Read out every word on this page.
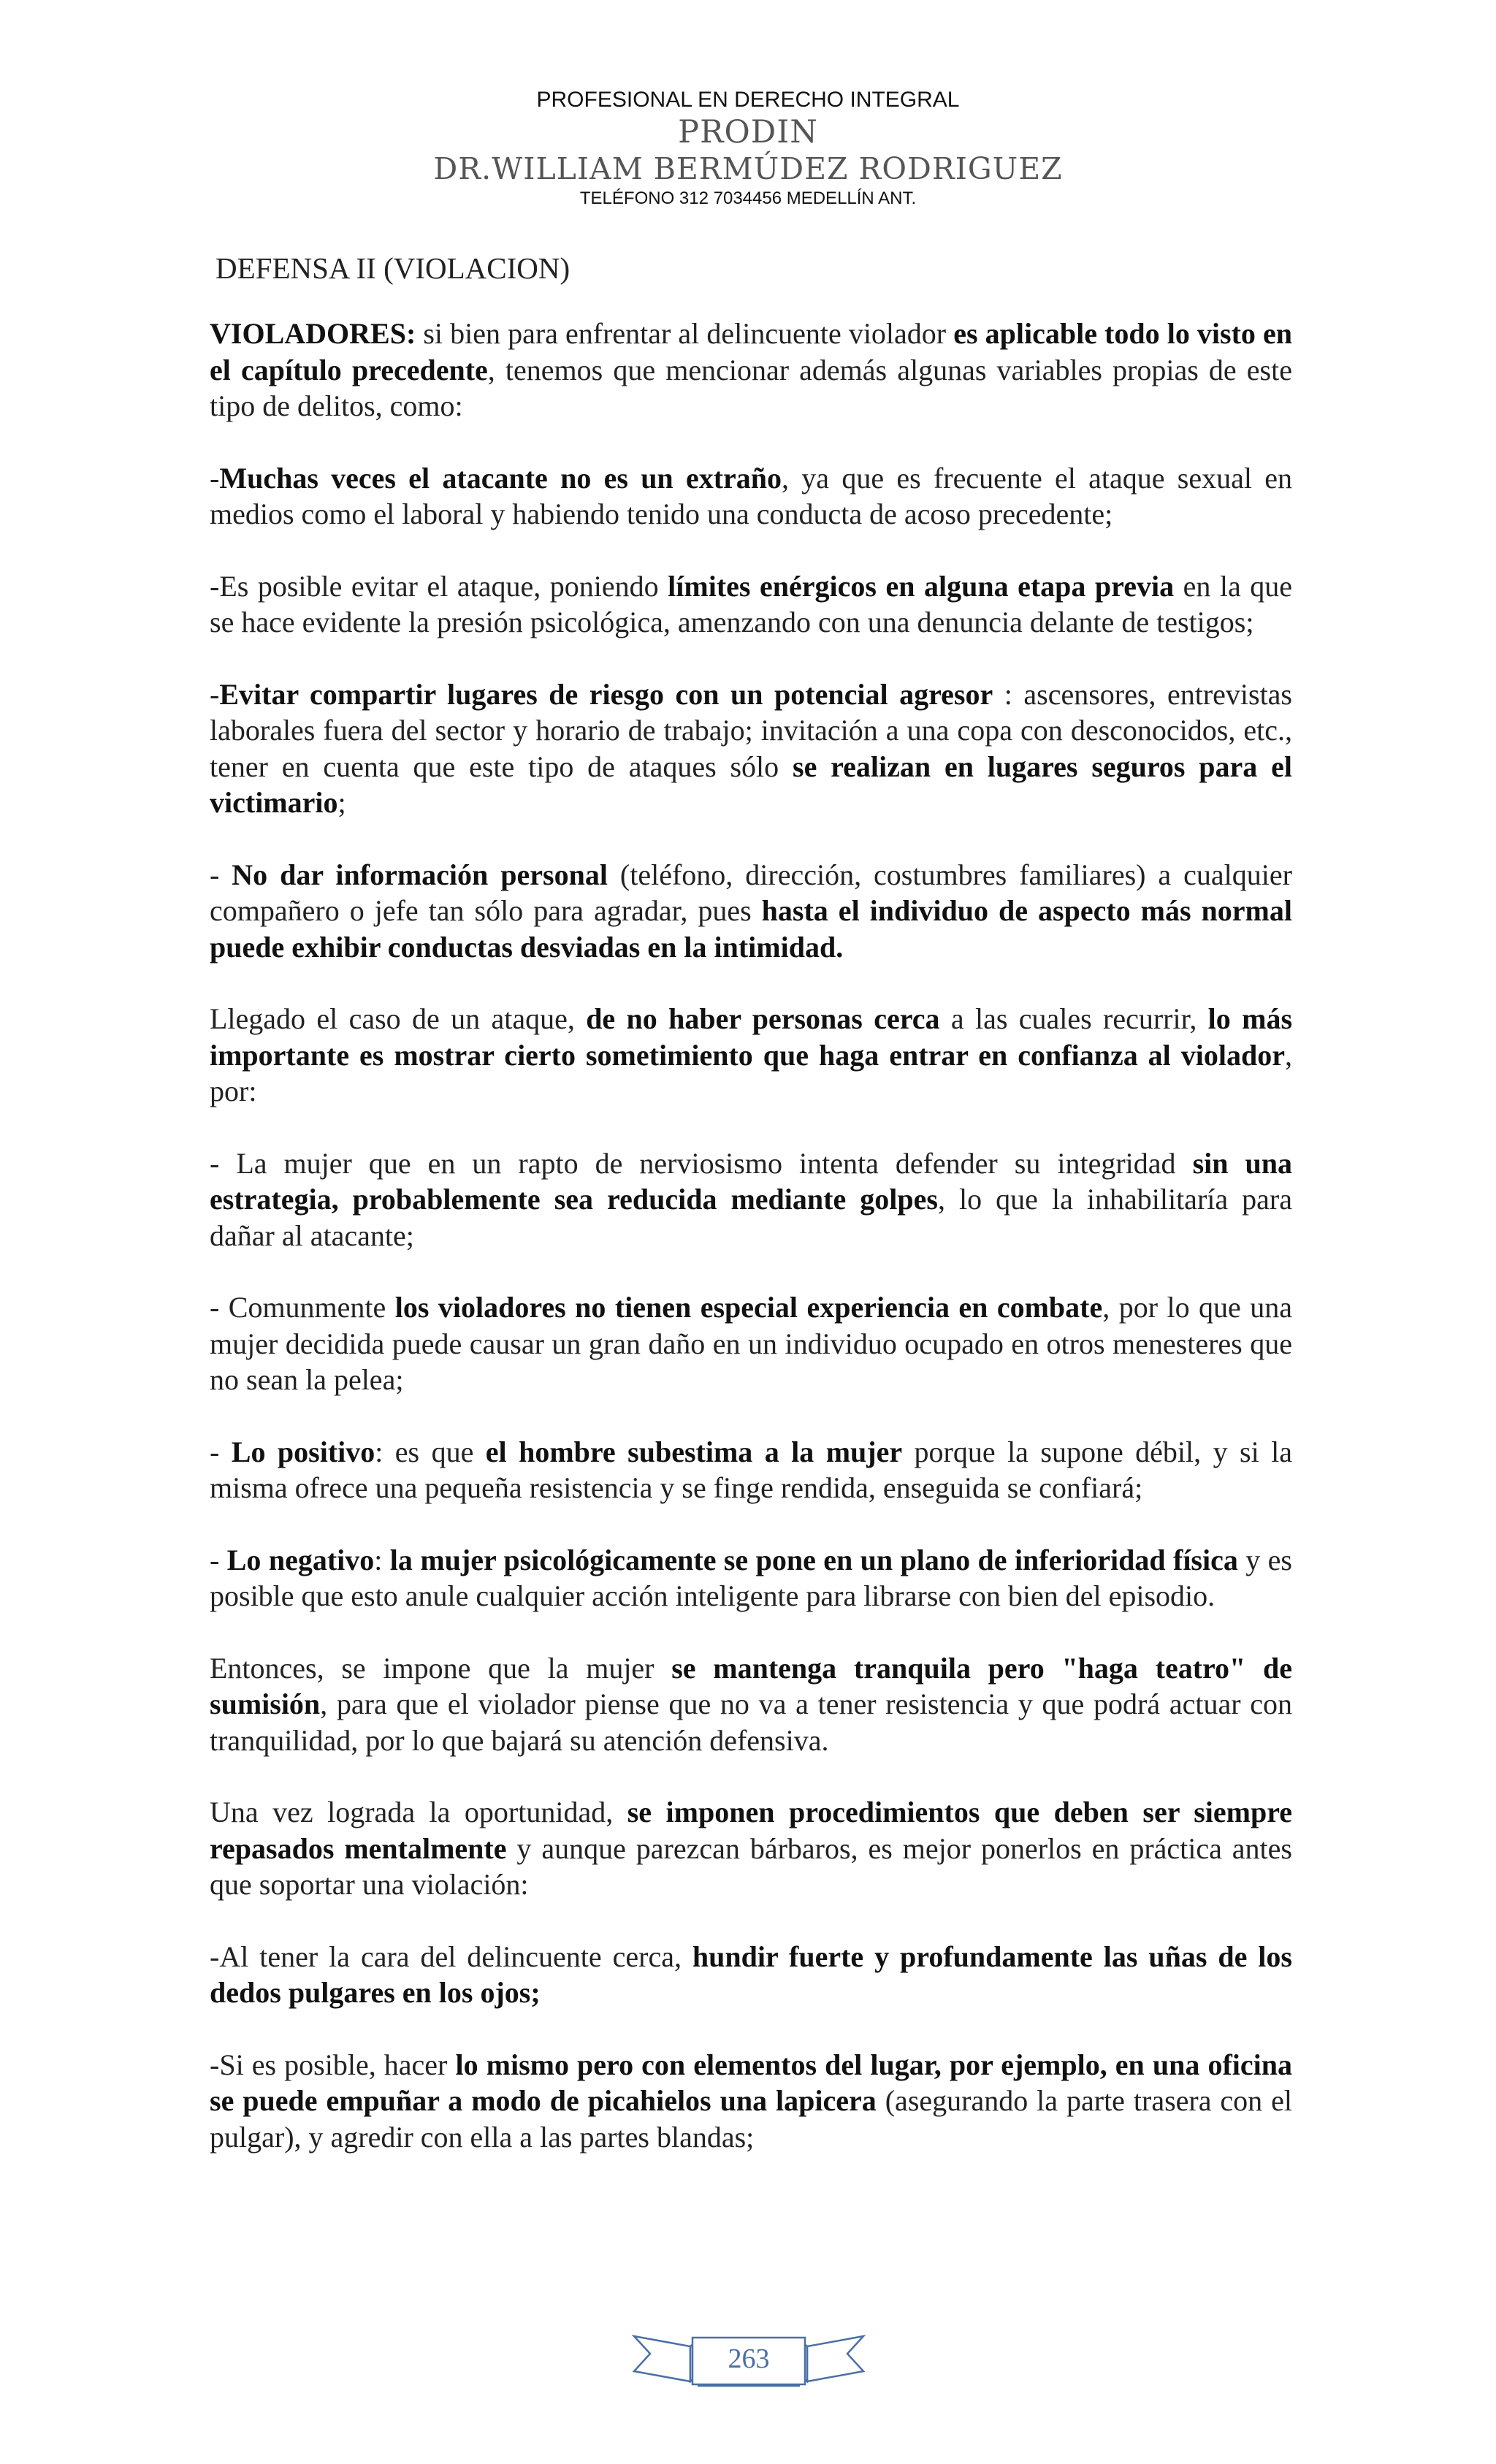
PROFESIONAL EN DERECHO INTEGRAL
PRODIN
DR.WILLIAM BERMÚDEZ RODRIGUEZ
TELÉFONO 312 7034456 MEDELLÍN ANT.
DEFENSA II (VIOLACION)

VIOLADORES: si bien para enfrentar al delincuente violador es aplicable todo lo visto en el capítulo precedente, tenemos que mencionar además algunas variables propias de este tipo de delitos, como:

-Muchas veces el atacante no es un extraño, ya que es frecuente el ataque sexual en medios como el laboral y habiendo tenido una conducta de acoso precedente;

-Es posible evitar el ataque, poniendo límites enérgicos en alguna etapa previa en la que se hace evidente la presión psicológica, amenzando con una denuncia delante de testigos;

-Evitar compartir lugares de riesgo con un potencial agresor : ascensores, entrevistas laborales fuera del sector y horario de trabajo; invitación a una copa con desconocidos, etc., tener en cuenta que este tipo de ataques sólo se realizan en lugares seguros para el victimario;

- No dar información personal (teléfono, dirección, costumbres familiares) a cualquier compañero o jefe tan sólo para agradar, pues hasta el individuo de aspecto más normal puede exhibir conductas desviadas en la intimidad.

Llegado el caso de un ataque, de no haber personas cerca a las cuales recurrir, lo más importante es mostrar cierto sometimiento que haga entrar en confianza al violador, por:

- La mujer que en un rapto de nerviosismo intenta defender su integridad sin una estrategia, probablemente sea reducida mediante golpes, lo que la inhabilitaría para dañar al atacante;

- Comunmente los violadores no tienen especial experiencia en combate, por lo que una mujer decidida puede causar un gran daño en un individuo ocupado en otros menesteres que no sean la pelea;

- Lo positivo: es que el hombre subestima a la mujer porque la supone débil, y si la misma ofrece una pequeña resistencia y se finge rendida, enseguida se confiará;

- Lo negativo: la mujer psicológicamente se pone en un plano de inferioridad física y es posible que esto anule cualquier acción inteligente para librarse con bien del episodio.

Entonces, se impone que la mujer se mantenga tranquila pero "haga teatro" de sumisión, para que el violador piense que no va a tener resistencia y que podrá actuar con tranquilidad, por lo que bajará su atención defensiva.

Una vez lograda la oportunidad, se imponen procedimientos que deben ser siempre repasados mentalmente y aunque parezcan bárbaros, es mejor ponerlos en práctica antes que soportar una violación:

-Al tener la cara del delincuente cerca, hundir fuerte y profundamente las uñas de los dedos pulgares en los ojos;

-Si es posible, hacer lo mismo pero con elementos del lugar, por ejemplo, en una oficina se puede empuñar a modo de picahielos una lapicera (asegurando la parte trasera con el pulgar), y agredir con ella a las partes blandas;

263
